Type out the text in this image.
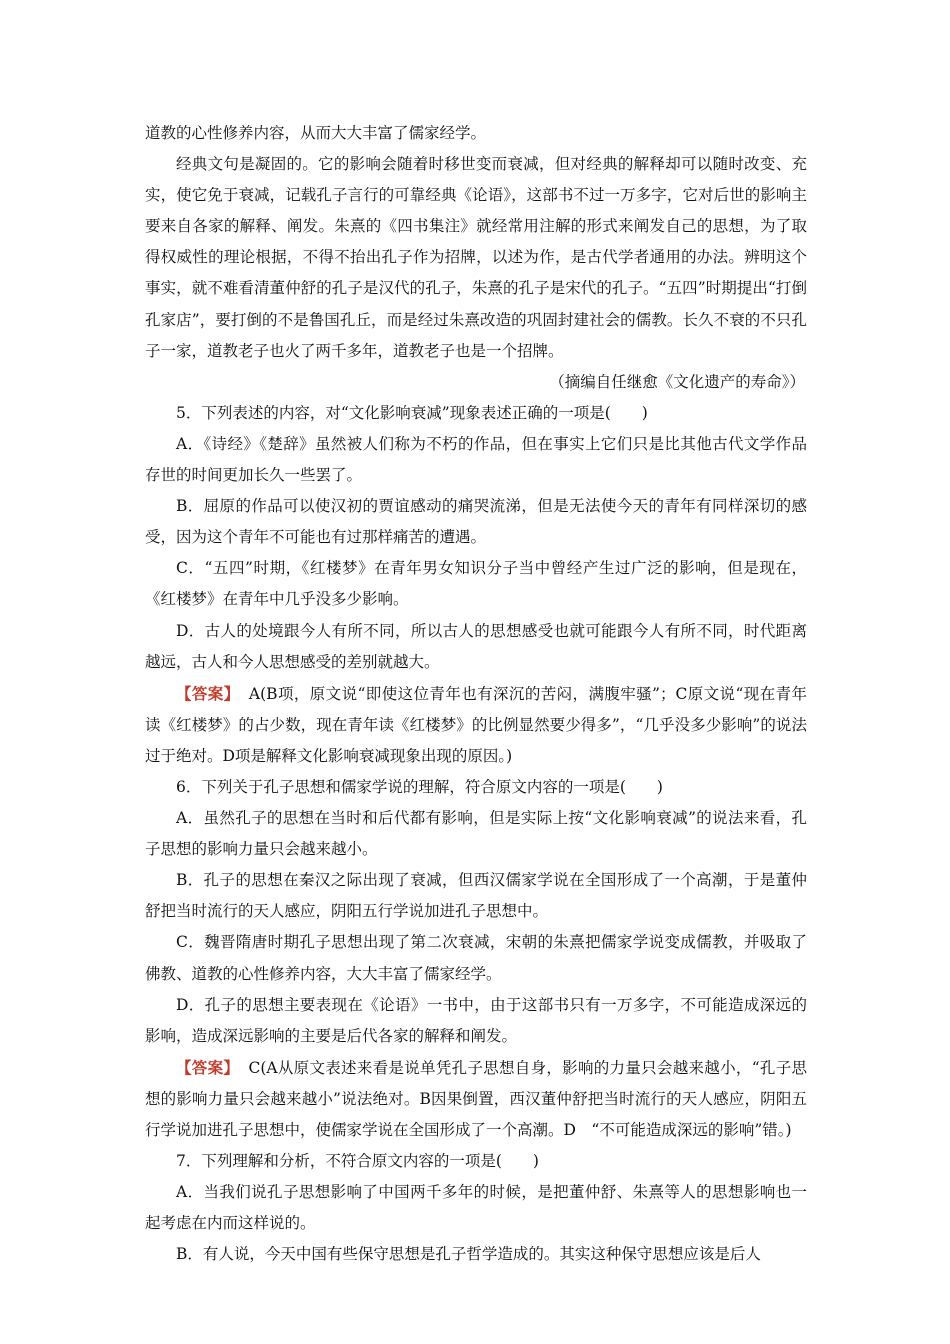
道教的心性修养内容，从而大大丰富了儒家经学。

经典文句是凝固的。它的影响会随着时移世变而衰减，但对经典的解释却可以随时改变、充实，使它免于衰减，记载孔子言行的可靠经典《论语》，这部书不过一万多字，它对后世的影响主要来自各家的解释、阐发。朱熹的《四书集注》就经常用注解的形式来阐发自己的思想，为了取得权威性的理论根据，不得不抬出孔子作为招牌，以述为作，是古代学者通用的办法。辨明这个事实，就不难看清董仲舒的孔子是汉代的孔子，朱熹的孔子是宋代的孔子。“五四”时期提出“打倒孔家店”，要打倒的不是鲁国孔丘，而是经过朱熹改造的巩固封建社会的儒教。长久不衰的不只孔子一家，道教老子也火了两千多年，道教老子也是一个招牌。

（摘编自任继愈《文化遗产的寿命》）

5．下列表述的内容，对“文化影响衰减”现象表述正确的一项是(　　)

A．《诗经》《楚辞》虽然被人们称为不朽的作品，但在事实上它们只是比其他古代文学作品存世的时间更加长久一些罢了。

B．屈原的作品可以使汉初的贾谊感动的痛哭流涕，但是无法使今天的青年有同样深切的感受，因为这个青年不可能也有过那样痛苦的遭遇。

C．“五四”时期，《红楼梦》在青年男女知识分子当中曾经产生过广泛的影响，但是现在，《红楼梦》在青年中几乎没多少影响。

D．古人的处境跟今人有所不同，所以古人的思想感受也就可能跟今人有所不同，时代距离越远，古人和今人思想感受的差别就越大。

【答案】 A(B项，原文说“即使这位青年也有深沉的苦闷，满腹牢骚”；C原文说“现在青年读《红楼梦》的占少数，现在青年读《红楼梦》的比例显然要少得多”，“几乎没多少影响”的说法过于绝对。D项是解释文化影响衰减现象出现的原因。)

6．下列关于孔子思想和儒家学说的理解，符合原文内容的一项是(　　)

A．虽然孔子的思想在当时和后代都有影响，但是实际上按“文化影响衰减”的说法来看，孔子思想的影响力量只会越来越小。

B．孔子的思想在秦汉之际出现了衰减，但西汉儒家学说在全国形成了一个高潮，于是董仲舒把当时流行的天人感应，阴阳五行学说加进孔子思想中。

C．魏晋隋唐时期孔子思想出现了第二次衰减，宋朝的朱熹把儒家学说变成儒教，并吸取了佛教、道教的心性修养内容，大大丰富了儒家经学。

D．孔子的思想主要表现在《论语》一书中，由于这部书只有一万多字，不可能造成深远的影响，造成深远影响的主要是后代各家的解释和阐发。

【答案】 C(A从原文表述来看是说单凭孔子思想自身，影响的力量只会越来越小，“孔子思想的影响力量只会越来越小”说法绝对。B因果倒置，西汉董仲舒把当时流行的天人感应，阴阳五行学说加进孔子思想中，使儒家学说在全国形成了一个高潮。D　“不可能造成深远的影响”错。)

7．下列理解和分析，不符合原文内容的一项是(　　)

A．当我们说孔子思想影响了中国两千多年的时候，是把董仲舒、朱熹等人的思想影响也一起考虑在内而这样说的。

B．有人说，今天中国有些保守思想是孔子哲学造成的。其实这种保守思想应该是后人
